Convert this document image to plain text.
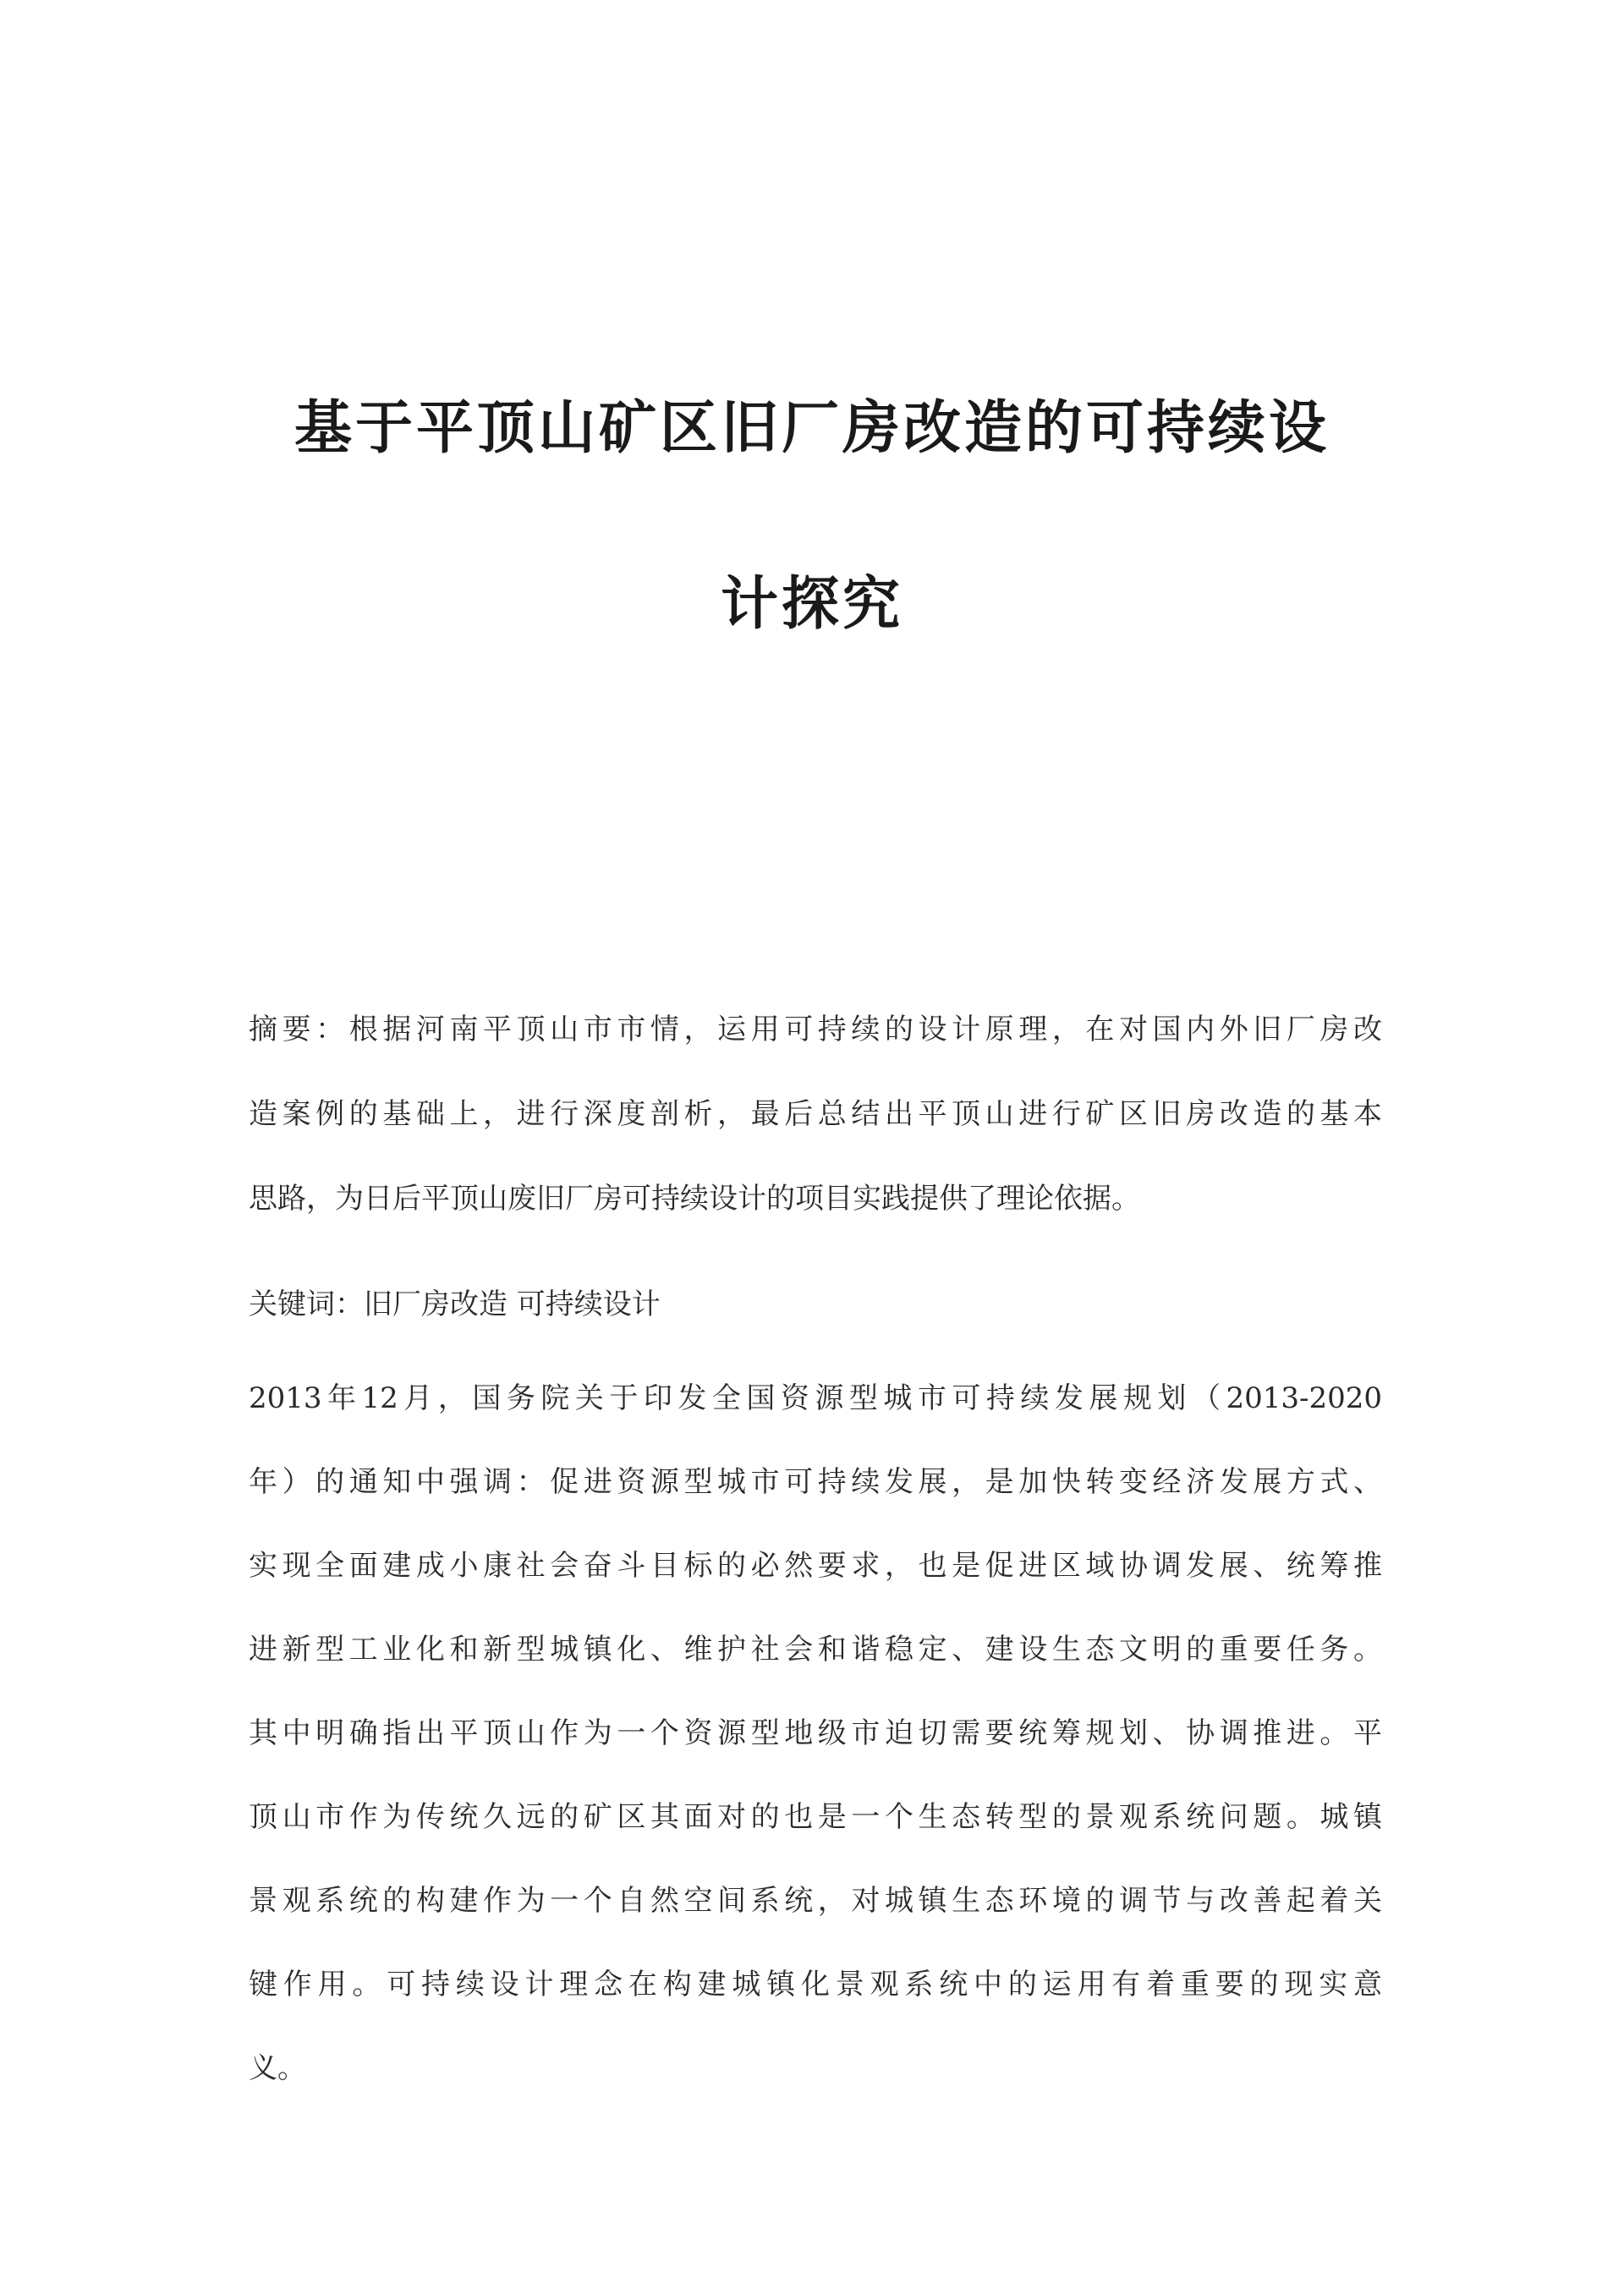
基于平顶山矿区旧厂房改造的可持续设
计探究
摘要：根据河南平顶山市市情，运用可持续的设计原理，在对国内外旧厂房改
造案例的基础上，进行深度剖析，最后总结出平顶山进行矿区旧房改造的基本
思路，为日后平顶山废旧厂房可持续设计的项目实践提供了理论依据。
关键词：旧厂房改造 可持续设计
2013年12月，国务院关于印发全国资源型城市可持续发展规划（2013-2020
年）的通知中强调：促进资源型城市可持续发展，是加快转变经济发展方式、
实现全面建成小康社会奋斗目标的必然要求，也是促进区域协调发展、统筹推
进新型工业化和新型城镇化、维护社会和谐稳定、建设生态文明的重要任务。
其中明确指出平顶山作为一个资源型地级市迫切需要统筹规划、协调推进。平
顶山市作为传统久远的矿区其面对的也是一个生态转型的景观系统问题。城镇
景观系统的构建作为一个自然空间系统，对城镇生态环境的调节与改善起着关
键作用。可持续设计理念在构建城镇化景观系统中的运用有着重要的现实意
义。
